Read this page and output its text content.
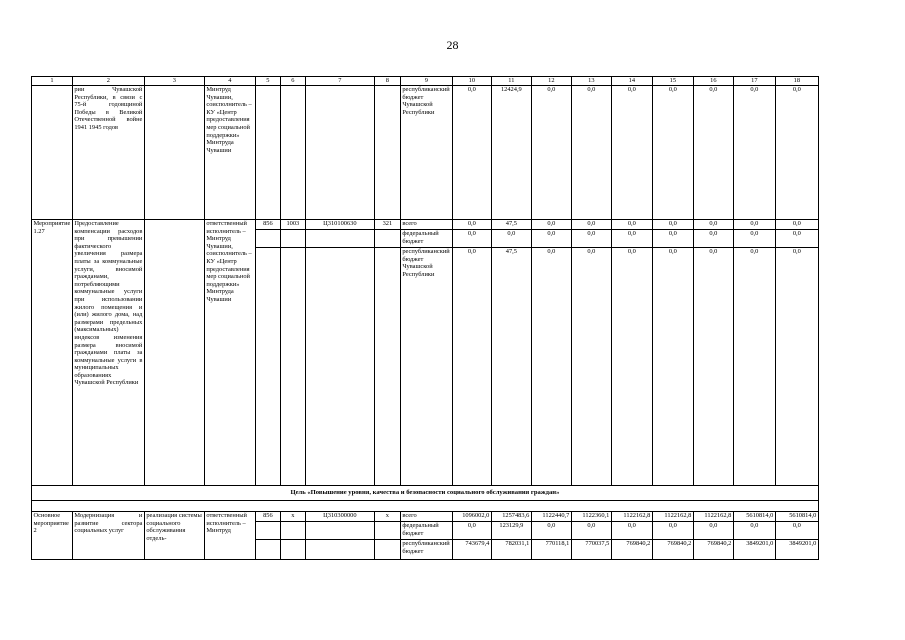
28
1	2	3	4	5	6	7	8	9	10	11	12	13	14	15	16	17	18
	рии Чувашской Республики, в связи с 75-й годовщиной Победы в Великой Отечественной войне 1941 1945 годов		Минтруд Чувашии, соисполнитель – КУ «Центр предоставления мер социальной поддержки» Минтруда Чувашии					республиканский бюджет Чувашской Республики	0,0	12424,9	0,0	0,0	0,0	0,0	0,0	0,0	0,0
Мероприятие 1.27	Предоставление компенсации расходов при превышении фактического увеличения размера платы за коммунальные услуги, вносимой гражданами, потребляющими коммунальные услуги при использовании жилого помещения и (или) жилого дома, над размерами предельных (максимальных) индексов изменения размера вносимой гражданами платы за коммунальные услуги в муниципальных образованиях Чувашской Республики		ответственный исполнитель – Минтруд Чувашии, соисполнитель – КУ «Центр предоставления мер социальной поддержки» Минтруда Чувашии	856	1003	Ц310100630	321	всего	0,0	47,5	0,0	0,0	0,0	0,0	0,0	0,0	0,0
								федеральный бюджет	0,0	0,0	0,0	0,0	0,0	0,0	0,0	0,0	0,0
								республиканский бюджет Чувашской Республики	0,0	47,5	0,0	0,0	0,0	0,0	0,0	0,0	0,0
Цель «Повышение уровня, качества и безопасности социального обслуживания граждан»																	

Основное мероприятие 2	Модернизация и развитие сектора социальных услуг	реализация системы социального обслуживания отдель-	ответственный исполнитель – Минтруд	856	х	Ц310300000	х	всего	1096002,0	1257483,6	1122440,7	1122360,1	1122162,8	1122162,8	1122162,8	5610814,0	5610814,0
								федеральный бюджет	0,0	123129,9	0,0	0,0	0,0	0,0	0,0	0,0	0,0
								республиканский бюджет	743679,4	782031,1	770118,1	770037,5	769840,2	769840,2	769840,2	3849201,0	3849201,0
